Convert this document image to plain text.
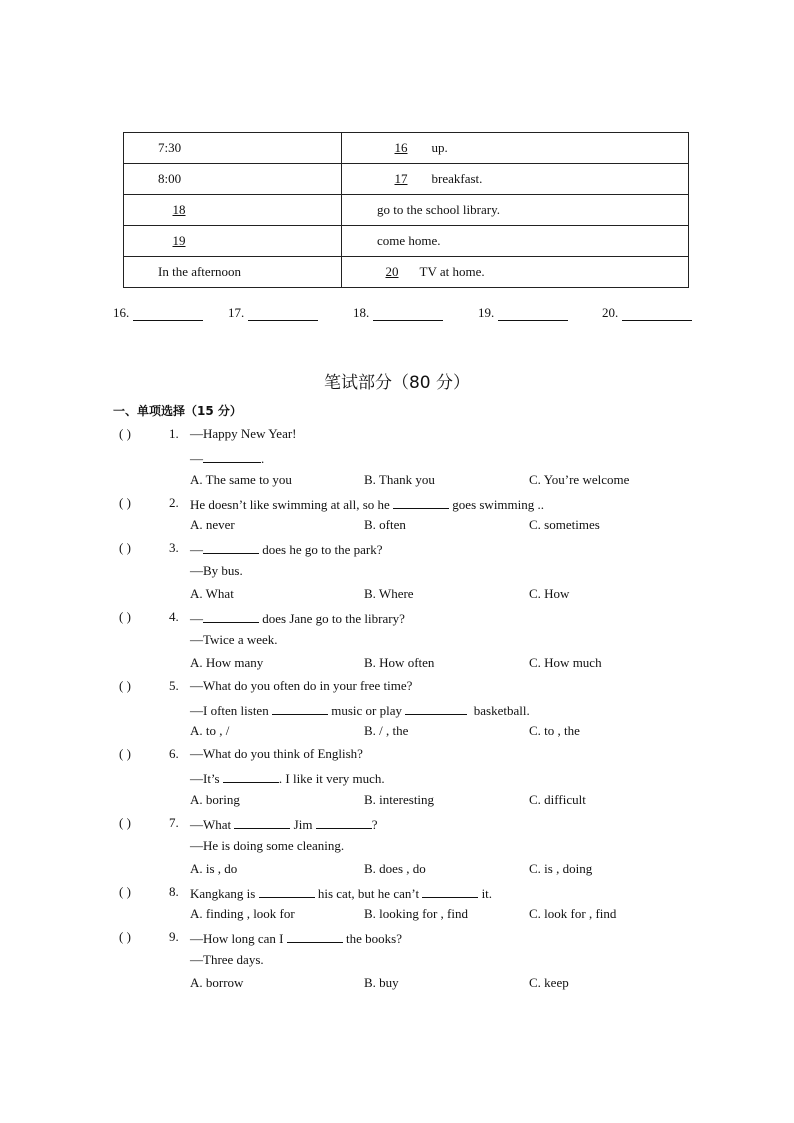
7:30	16 up.
8:00	17 breakfast.
18	go to the school library.
19	come home.
In the afternoon	20 TV at home.
16.	17.	18.	19.	20.
笔试部分（80 分）
一、单项选择（15 分）
( )	1. —Happy New Year!
—	.
A. The same to you	B. Thank you	C. You’re welcome
( )	2. He doesn’t like swimming at all, so he	goes swimming ..
A. never	B. often	C. sometimes
( )	3. —	does he go to the park?
—By bus.
A. What	B. Where	C. How
( )	4. —	does Jane go to the library?
—Twice a week.
A. How many	B. How often	C. How much
( )	5. —What do you often do in your free time?
—I often listen	music or play	basketball.
A. to , /	B. / , the	C. to , the
( )	6. —What do you think of English?
—It’s	. I like it very much.
A. boring	B. interesting	C. difficult
( )	7. —What	Jim	?
—He is doing some cleaning.
A. is , do	B. does , do	C. is , doing
( )	8. Kangkang is	his cat, but he can’t	it.
A. finding , look for	B. looking for , find	C. look for , find
( )	9. —How long can I	the books?
—Three days.
A. borrow	B. buy	C. keep
